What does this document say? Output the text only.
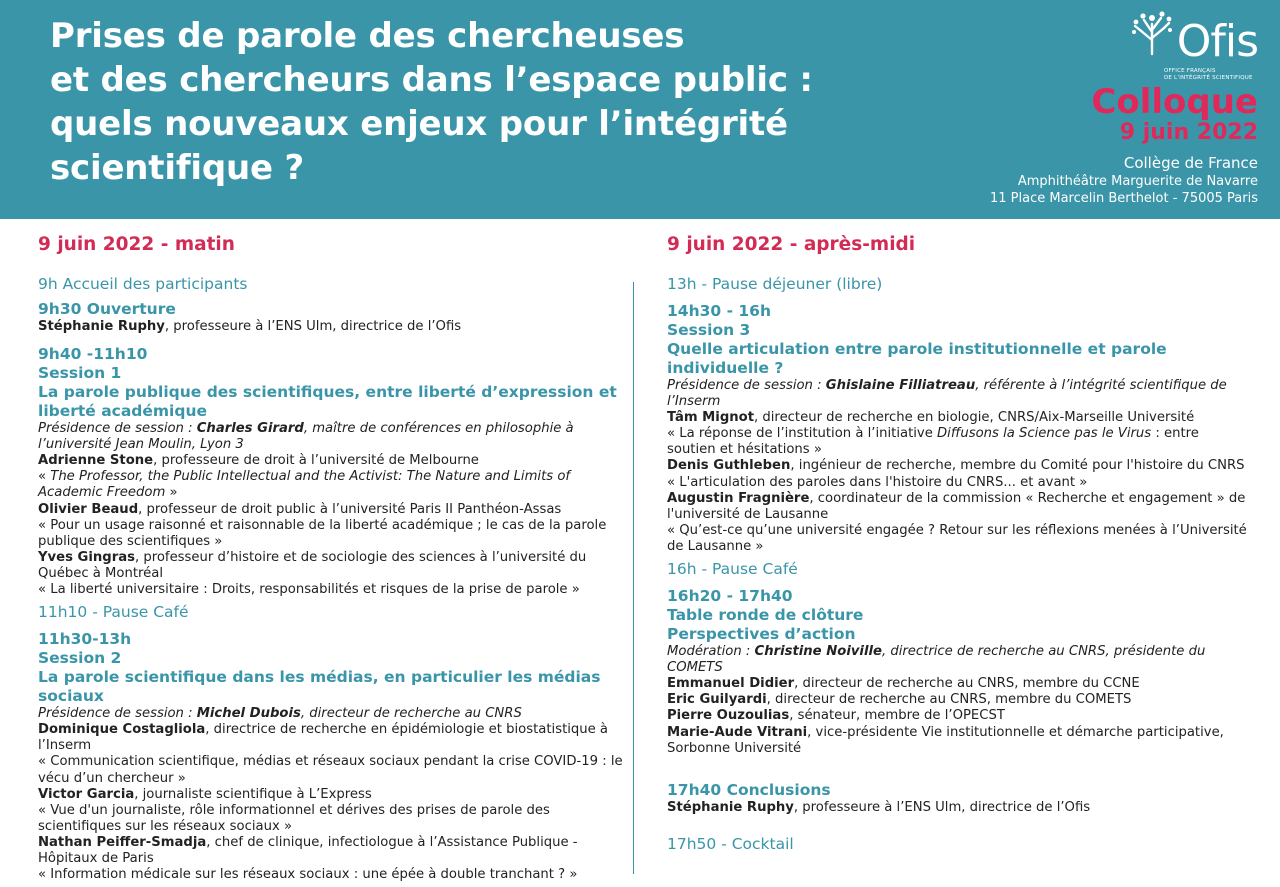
Prises de parole des chercheuses
et des chercheurs dans l’espace public :
quels nouveaux enjeux pour l’intégrité
scientifique ?
Ofis
OFFICE FRANÇAIS
DE L’INTÉGRITÉ SCIENTIFIQUE
Colloque
9 juin 2022
Collège de France
Amphithéâtre Marguerite de Navarre
11 Place Marcelin Berthelot - 75005 Paris
9 juin 2022 - matin
9h Accueil des participants
9h30 Ouverture
Stéphanie Ruphy, professeure à l’ENS Ulm, directrice de l’Ofis
9h40 -11h10
Session 1
La parole publique des scientifiques, entre liberté d’expression et liberté académique
Présidence de session : Charles Girard, maître de conférences en philosophie à l’université Jean Moulin, Lyon 3
Adrienne Stone, professeure de droit à l’université de Melbourne
« The Professor, the Public Intellectual and the Activist: The Nature and Limits of Academic Freedom »
Olivier Beaud, professeur de droit public à l’université Paris II Panthéon-Assas
« Pour un usage raisonné et raisonnable de la liberté académique ; le cas de la parole publique des scientifiques »
Yves Gingras, professeur d’histoire et de sociologie des sciences à l’université du Québec à Montréal
« La liberté universitaire : Droits, responsabilités et risques de la prise de parole »
11h10 - Pause Café
11h30-13h
Session 2
La parole scientifique dans les médias, en particulier les médias sociaux
Présidence de session : Michel Dubois, directeur de recherche au CNRS
Dominique Costagliola, directrice de recherche en épidémiologie et biostatistique à l’Inserm
« Communication scientifique, médias et réseaux sociaux pendant la crise COVID-19 : le vécu d’un chercheur »
Victor Garcia, journaliste scientifique à L’Express
« Vue d'un journaliste, rôle informationnel et dérives des prises de parole des scientifiques sur les réseaux sociaux »
Nathan Peiffer-Smadja, chef de clinique, infectiologue à l’Assistance Publique - Hôpitaux de Paris
« Information médicale sur les réseaux sociaux : une épée à double tranchant ? »
9 juin 2022 - après-midi
13h - Pause déjeuner (libre)
14h30 - 16h
Session 3
Quelle articulation entre parole institutionnelle et parole individuelle ?
Présidence de session : Ghislaine Filliatreau, référente à l’intégrité scientifique de l’Inserm
Tâm Mignot, directeur de recherche en biologie, CNRS/Aix-Marseille Université
« La réponse de l’institution à l’initiative Diffusons la Science pas le Virus : entre soutien et hésitations »
Denis Guthleben, ingénieur de recherche, membre du Comité pour l'histoire du CNRS
« L'articulation des paroles dans l'histoire du CNRS... et avant »
Augustin Fragnière, coordinateur de la commission « Recherche et engagement » de l'université de Lausanne
« Qu’est-ce qu’une université engagée ? Retour sur les réflexions menées à l’Université de Lausanne »
16h - Pause Café
16h20 - 17h40
Table ronde de clôture
Perspectives d’action
Modération : Christine Noiville, directrice de recherche au CNRS, présidente du COMETS
Emmanuel Didier, directeur de recherche au CNRS, membre du CCNE
Eric Guilyardi, directeur de recherche au CNRS, membre du COMETS
Pierre Ouzoulias, sénateur, membre de l’OPECST
Marie-Aude Vitrani, vice-présidente Vie institutionnelle et démarche participative, Sorbonne Université
17h40 Conclusions
Stéphanie Ruphy, professeure à l’ENS Ulm, directrice de l’Ofis
17h50 - Cocktail
